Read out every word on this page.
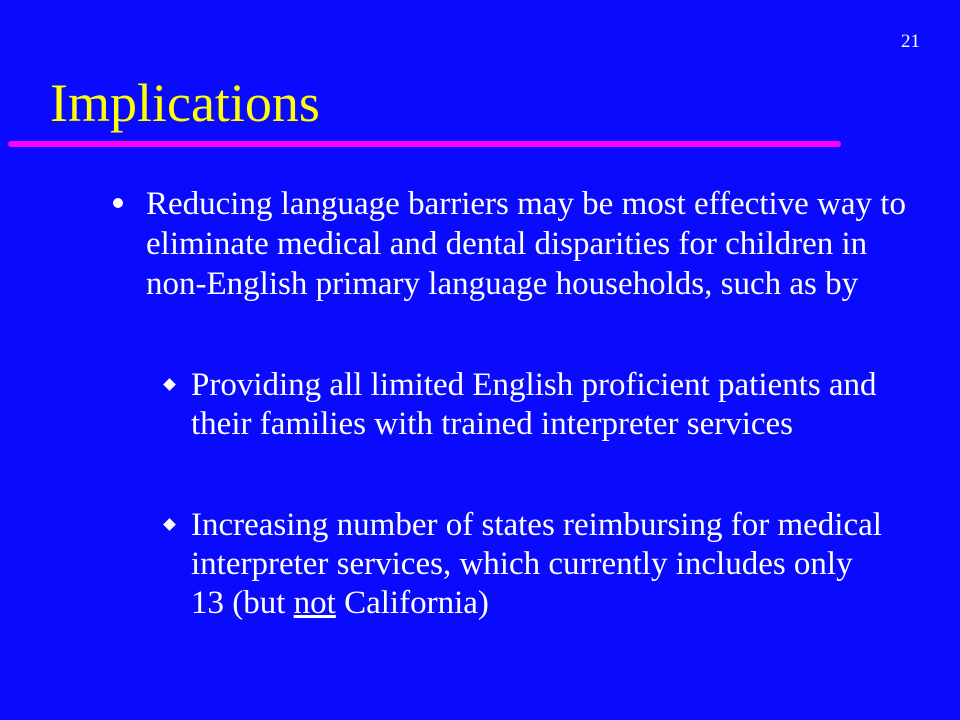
21
Implications
Reducing language barriers may be most effective way to eliminate medical and dental disparities for children in non-English primary language households, such as by
Providing all limited English proficient patients and their families with trained interpreter services
Increasing number of states reimbursing for medical interpreter services, which currently includes only 13 (but not California)
